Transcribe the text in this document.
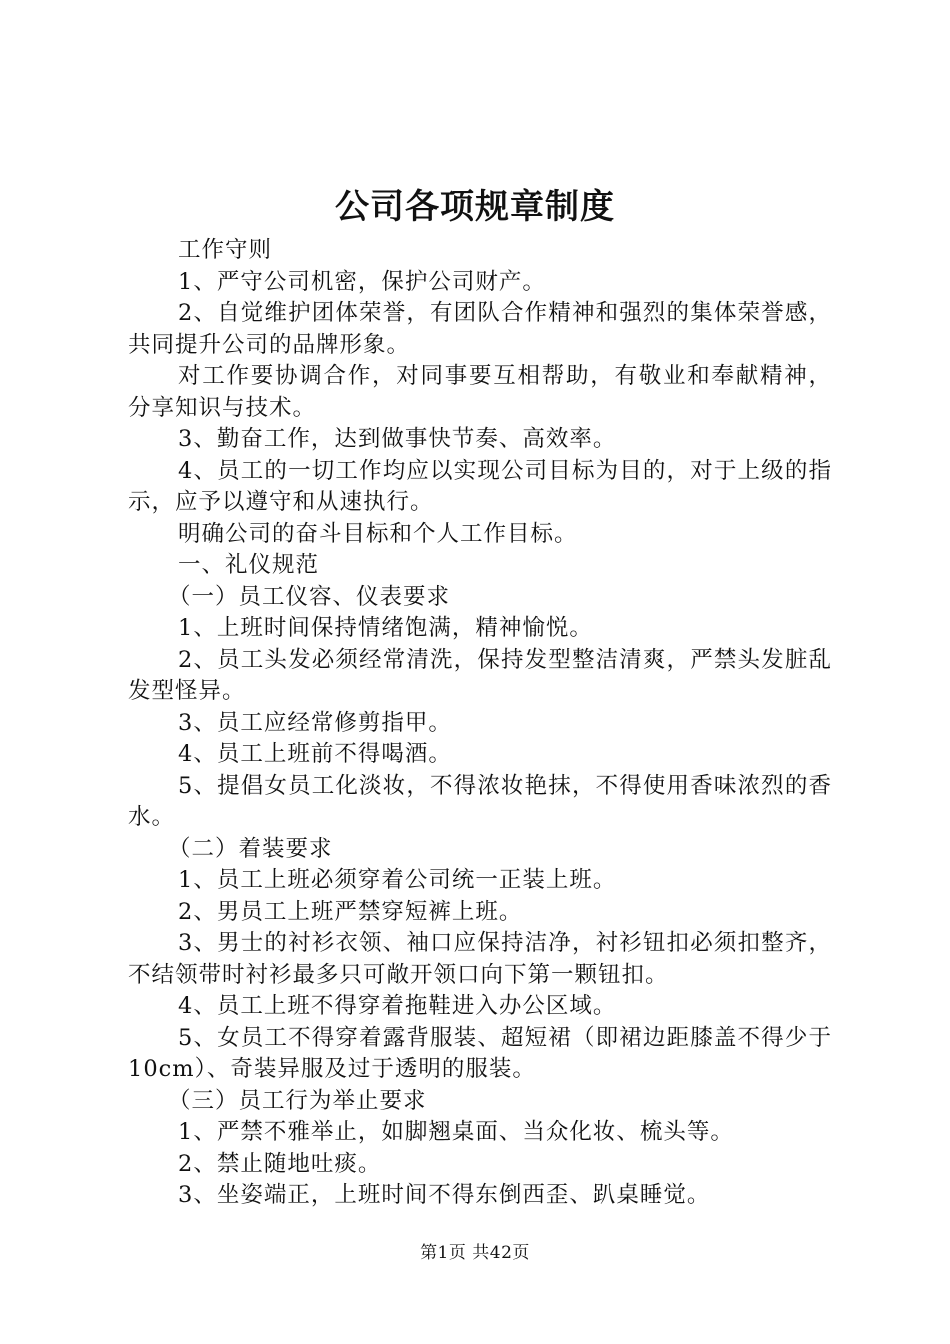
公司各项规章制度

工作守则

1、严守公司机密，保护公司财产。

2、自觉维护团体荣誉，有团队合作精神和强烈的集体荣誉感，共同提升公司的品牌形象。

对工作要协调合作，对同事要互相帮助，有敬业和奉献精神，分享知识与技术。

3、勤奋工作，达到做事快节奏、高效率。

4、员工的一切工作均应以实现公司目标为目的，对于上级的指示，应予以遵守和从速执行。

明确公司的奋斗目标和个人工作目标。

一、礼仪规范

（一）员工仪容、仪表要求

1、上班时间保持情绪饱满，精神愉悦。

2、员工头发必须经常清洗，保持发型整洁清爽，严禁头发脏乱发型怪异。

3、员工应经常修剪指甲。

4、员工上班前不得喝酒。

5、提倡女员工化淡妆，不得浓妆艳抹，不得使用香味浓烈的香水。

（二）着装要求

1、员工上班必须穿着公司统一正装上班。

2、男员工上班严禁穿短裤上班。

3、男士的衬衫衣领、袖口应保持洁净，衬衫钮扣必须扣整齐，不结领带时衬衫最多只可敞开领口向下第一颗钮扣。

4、员工上班不得穿着拖鞋进入办公区域。

5、女员工不得穿着露背服装、超短裙（即裙边距膝盖不得少于10cm）、奇装异服及过于透明的服装。

（三）员工行为举止要求

1、严禁不雅举止，如脚翘桌面、当众化妆、梳头等。

2、禁止随地吐痰。

3、坐姿端正，上班时间不得东倒西歪、趴桌睡觉。

第1页 共42页
